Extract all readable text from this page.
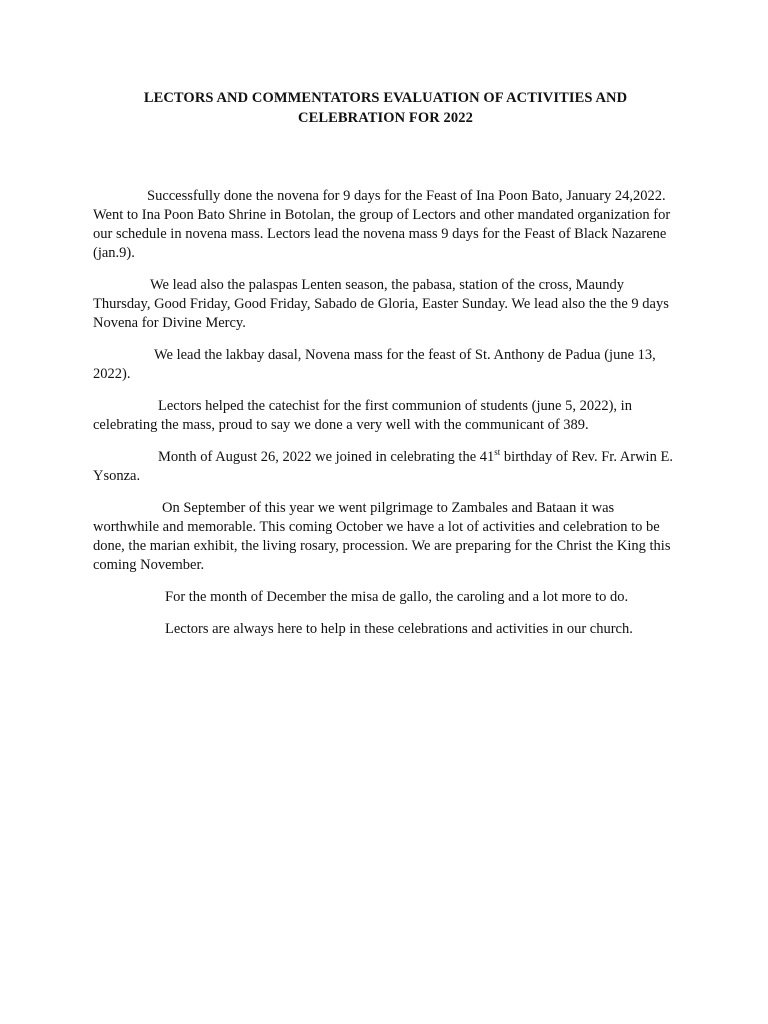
LECTORS AND COMMENTATORS EVALUATION OF ACTIVITIES AND
CELEBRATION FOR 2022

Successfully done the novena for 9 days for the Feast of Ina Poon Bato, January 24,2022. Went to Ina Poon Bato Shrine in Botolan, the group of Lectors and other mandated organization for our schedule in novena mass. Lectors lead the novena mass 9 days for the Feast of Black Nazarene (jan.9).

We lead also the palaspas Lenten season, the pabasa, station of the cross, Maundy Thursday, Good Friday, Good Friday, Sabado de Gloria, Easter Sunday. We lead also the the 9 days Novena for Divine Mercy.

We lead the lakbay dasal, Novena mass for the feast of St. Anthony de Padua (june 13, 2022).

Lectors helped the catechist for the first communion of students (june 5, 2022), in celebrating the mass, proud to say we done a very well with the communicant of 389.

Month of August 26, 2022 we joined in celebrating the 41st birthday of Rev. Fr. Arwin E. Ysonza.

On September of this year we went pilgrimage to Zambales and Bataan it was worthwhile and memorable. This coming October we have a lot of activities and celebration to be done, the marian exhibit, the living rosary, procession. We are preparing for the Christ the King this coming November.

For the month of December the misa de gallo, the caroling and a lot more to do.

Lectors are always here to help in these celebrations and activities in our church.
